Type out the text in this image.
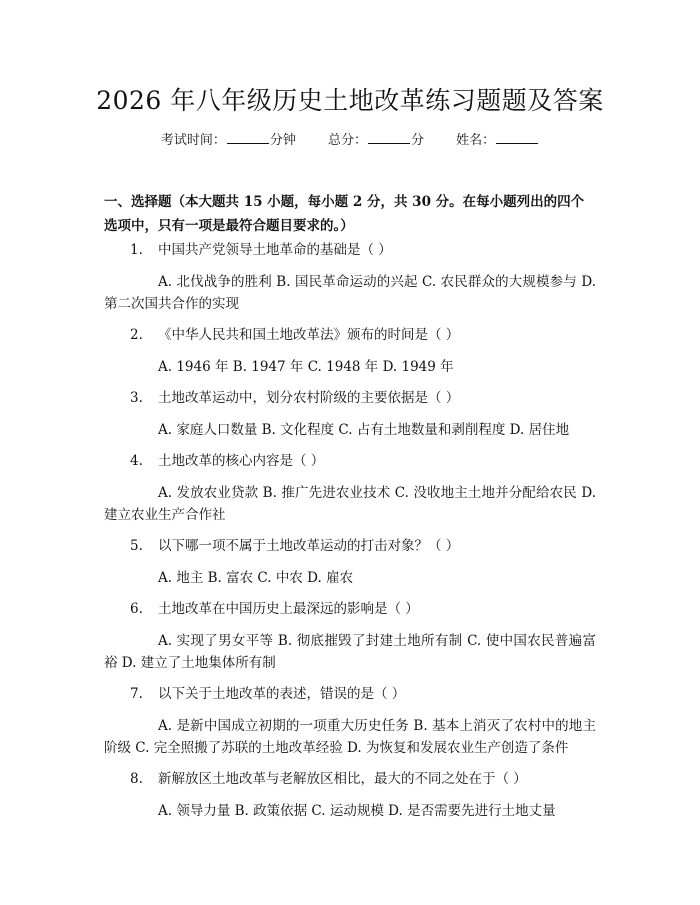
2026 年八年级历史土地改革练习题题及答案
考试时间：	分钟 总分：	分 姓名：
一、选择题（本大题共 15 小题，每小题 2 分，共 30 分。在每小题列出的四个选项中，只有一项是最符合题目要求的。）
1. 中国共产党领导土地革命的基础是（ ）
A. 北伐战争的胜利 B. 国民革命运动的兴起 C. 农民群众的大规模参与 D. 第二次国共合作的实现
2. 《中华人民共和国土地改革法》颁布的时间是（ ）
A. 1946 年 B. 1947 年 C. 1948 年 D. 1949 年
3. 土地改革运动中，划分农村阶级的主要依据是（ ）
A. 家庭人口数量 B. 文化程度 C. 占有土地数量和剥削程度 D. 居住地
4. 土地改革的核心内容是（ ）
A. 发放农业贷款 B. 推广先进农业技术 C. 没收地主土地并分配给农民 D. 建立农业生产合作社
5. 以下哪一项不属于土地改革运动的打击对象？（ ）
A. 地主 B. 富农 C. 中农 D. 雇农
6. 土地改革在中国历史上最深远的影响是（ ）
A. 实现了男女平等 B. 彻底摧毁了封建土地所有制 C. 使中国农民普遍富裕 D. 建立了土地集体所有制
7. 以下关于土地改革的表述，错误的是（ ）
A. 是新中国成立初期的一项重大历史任务 B. 基本上消灭了农村中的地主阶级 C. 完全照搬了苏联的土地改革经验 D. 为恢复和发展农业生产创造了条件
8. 新解放区土地改革与老解放区相比，最大的不同之处在于（ ）
A. 领导力量 B. 政策依据 C. 运动规模 D. 是否需要先进行土地丈量
